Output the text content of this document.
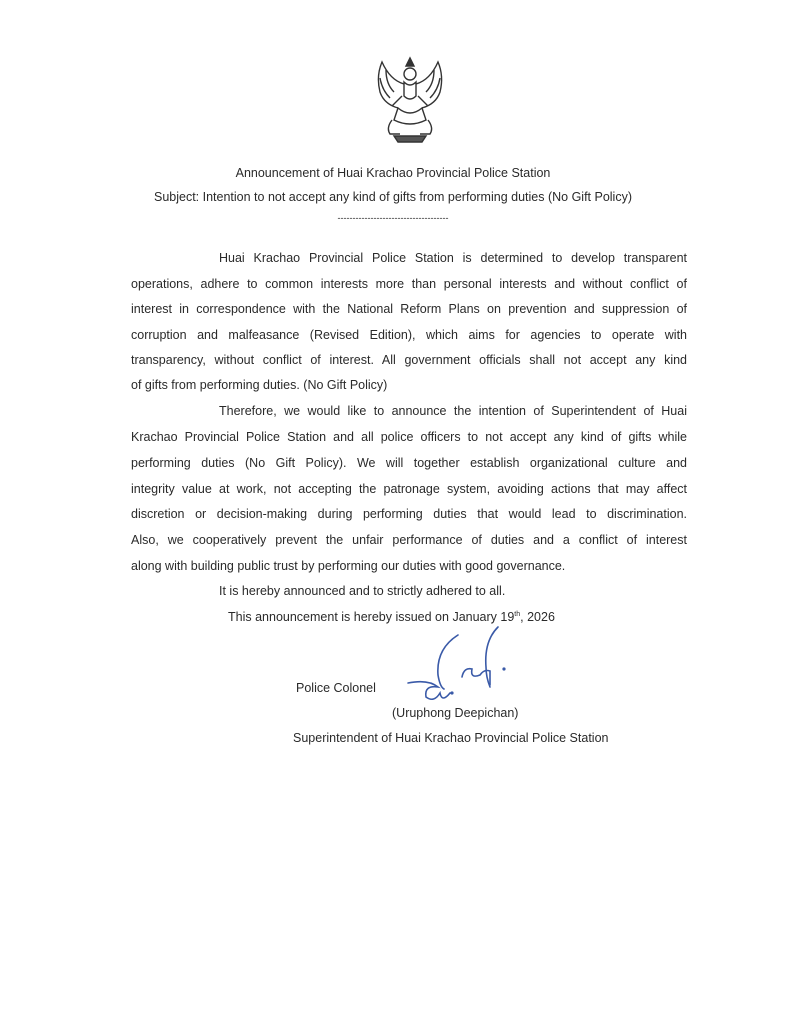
Announcement of Huai Krachao Provincial Police Station
Subject: Intention to not accept any kind of gifts from performing duties (No Gift Policy)
-------------------------------------
Huai Krachao Provincial Police Station is determined to develop transparent
operations, adhere to common interests more than personal interests and without conflict of
interest in correspondence with the National Reform Plans on prevention and suppression of
corruption and malfeasance (Revised Edition), which aims for agencies to operate with
transparency, without conflict of interest. All government officials shall not accept any kind
of gifts from performing duties. (No Gift Policy)
Therefore, we would like to announce the intention of Superintendent of Huai
Krachao Provincial Police Station and all police officers to not accept any kind of gifts while
performing duties (No Gift Policy). We will together establish organizational culture and
integrity value at work, not accepting the patronage system, avoiding actions that may affect
discretion or decision-making during performing duties that would lead to discrimination.
Also, we cooperatively prevent the unfair performance of duties and a conflict of interest
along with building public trust by performing our duties with good governance.
It is hereby announced and to strictly adhered to all.
This announcement is hereby issued on January 19th, 2026
Police Colonel
(Uruphong Deepichan)
Superintendent of Huai Krachao Provincial Police Station
